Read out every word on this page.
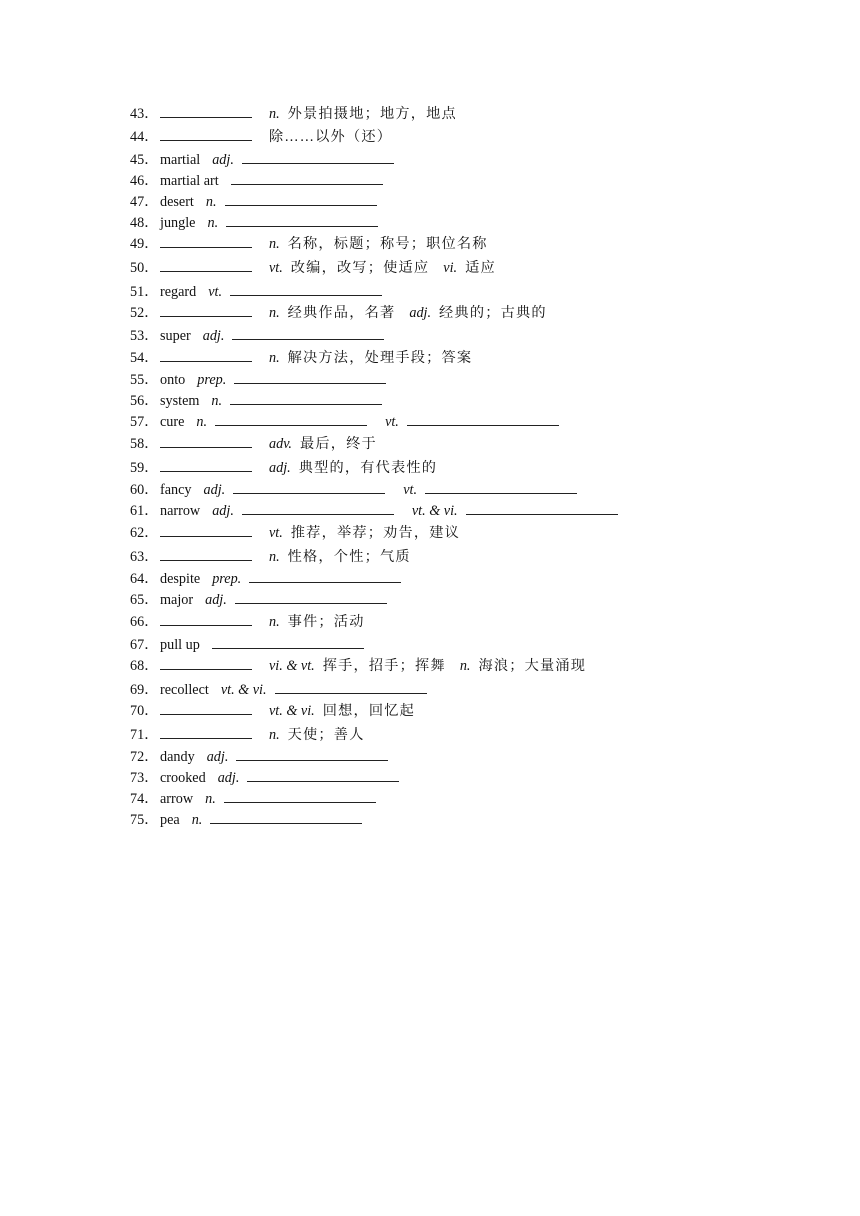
43．	n. 外景拍摄地；地方，地点
44．	除……以外（还）
45． martial adj.
46． martial art
47． desert n.
48． jungle n.
49．	n. 名称，标题；称号；职位名称
50．	vt. 改编，改写；使适应 vi. 适应
51． regard vt.
52．	n. 经典作品，名著 adj. 经典的；古典的
53． super adj.
54．	n. 解决方法，处理手段；答案
55． onto prep.
56． system n.
57． cure n.	vt.
58．	adv. 最后，终于
59．	adj. 典型的，有代表性的
60． fancy adj.	vt.
61． narrow adj.	vt. & vi.
62．	vt. 推荐，举荐；劝告，建议
63．	n. 性格，个性；气质
64． despite prep.
65． major adj.
66．	n. 事件；活动
67． pull up
68．	vi. & vt. 挥手，招手；挥舞 n. 海浪；大量涌现
69． recollect vt. & vi.
70．	vt. & vi. 回想，回忆起
71．	n. 天使；善人
72． dandy adj.
73． crooked adj.
74． arrow n.
75． pea n.
